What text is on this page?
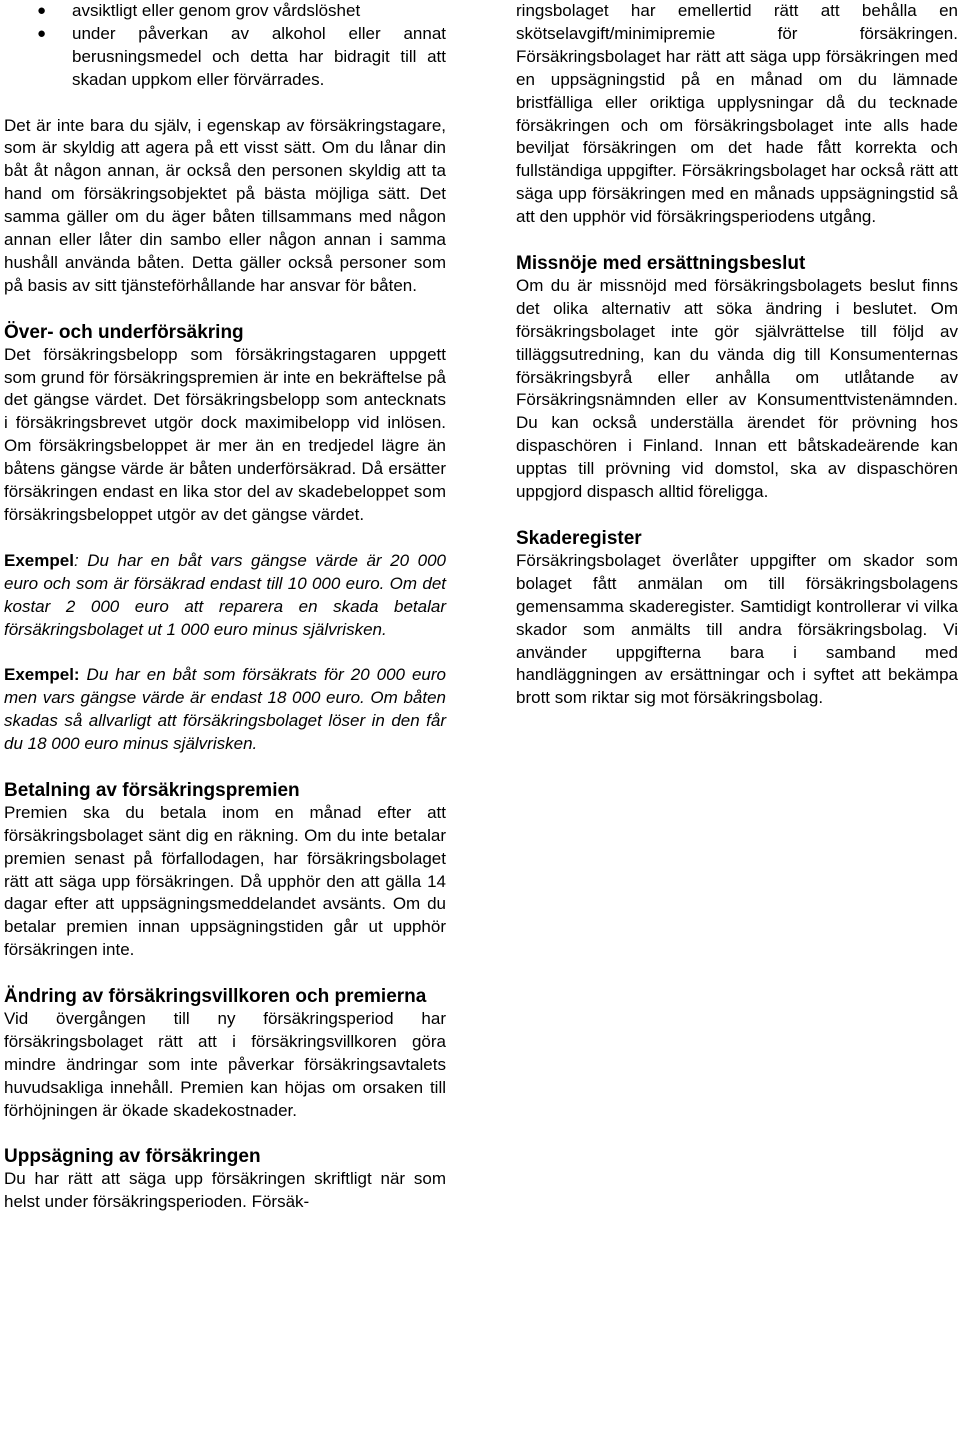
● avsiktligt eller genom grov vårdslöshet
● under påverkan av alkohol eller annat berusningsmedel och detta har bidragit till att skadan uppkom eller förvärrades.

Det är inte bara du själv, i egenskap av försäkringstagare, som är skyldig att agera på ett visst sätt. Om du lånar din båt åt någon annan, är också den personen skyldig att ta hand om försäkringsobjektet på bästa möjliga sätt. Det samma gäller om du äger båten tillsammans med någon annan eller låter din sambo eller någon annan i samma hushåll använda båten. Detta gäller också personer som på basis av sitt tjänsteförhållande har ansvar för båten.

Över- och underförsäkring

Det försäkringsbelopp som försäkringstagaren uppgett som grund för försäkringspremien är inte en bekräftelse på det gängse värdet. Det försäkringsbelopp som antecknats i försäkringsbrevet utgör dock maximibelopp vid inlösen. Om försäkringsbeloppet är mer än en tredjedel lägre än båtens gängse värde är båten underförsäkrad. Då ersätter försäkringen endast en lika stor del av skadebeloppet som försäkringsbeloppet utgör av det gängse värdet.

Exempel: Du har en båt vars gängse värde är 20 000 euro och som är försäkrad endast till 10 000 euro. Om det kostar 2 000 euro att reparera en skada betalar försäkringsbolaget ut 1 000 euro minus självrisken.

Exempel: Du har en båt som försäkrats för 20 000 euro men vars gängse värde är endast 18 000 euro. Om båten skadas så allvarligt att försäkringsbolaget löser in den får du 18 000 euro minus självrisken.

Betalning av försäkringspremien

Premien ska du betala inom en månad efter att försäkringsbolaget sänt dig en räkning. Om du inte betalar premien senast på förfallodagen, har försäkringsbolaget rätt att säga upp försäkringen. Då upphör den att gälla 14 dagar efter att uppsägningsmeddelandet avsänts. Om du betalar premien innan uppsägningstiden går ut upphör försäkringen inte.

Ändring av försäkringsvillkoren och premierna

Vid övergången till ny försäkringsperiod har försäkringsbolaget rätt att i försäkringsvillkoren göra mindre ändringar som inte påverkar försäkringsavtalets huvudsakliga innehåll. Premien kan höjas om orsaken till förhöjningen är ökade skadekostnader.

Uppsägning av försäkringen

Du har rätt att säga upp försäkringen skriftligt när som helst under försäkringsperioden. Försäk-

ringsbolaget har emellertid rätt att behålla en skötselavgift/minimipremie för försäkringen. Försäkringsbolaget har rätt att säga upp försäkringen med en uppsägningstid på en månad om du lämnade bristfälliga eller oriktiga upplysningar då du tecknade försäkringen och om försäkringsbolaget inte alls hade beviljat försäkringen om det hade fått korrekta och fullständiga uppgifter. Försäkringsbolaget har också rätt att säga upp försäkringen med en månads uppsägningstid så att den upphör vid försäkringsperiodens utgång.

Missnöje med ersättningsbeslut

Om du är missnöjd med försäkringsbolagets beslut finns det olika alternativ att söka ändring i beslutet. Om försäkringsbolaget inte gör självrättelse till följd av tilläggsutredning, kan du vända dig till Konsumenternas försäkringsbyrå eller anhålla om utlåtande av Försäkringsnämnden eller av Konsumenttvistenämnden. Du kan också underställa ärendet för prövning hos dispaschören i Finland. Innan ett båtskadeärende kan upptas till prövning vid domstol, ska av dispaschören uppgjord dispasch alltid föreligga.

Skaderegister

Försäkringsbolaget överlåter uppgifter om skador som bolaget fått anmälan om till försäkringsbolagens gemensamma skaderegister. Samtidigt kontrollerar vi vilka skador som anmälts till andra försäkringsbolag. Vi använder uppgifterna bara i samband med handläggningen av ersättningar och i syftet att bekämpa brott som riktar sig mot försäkringsbolag.
